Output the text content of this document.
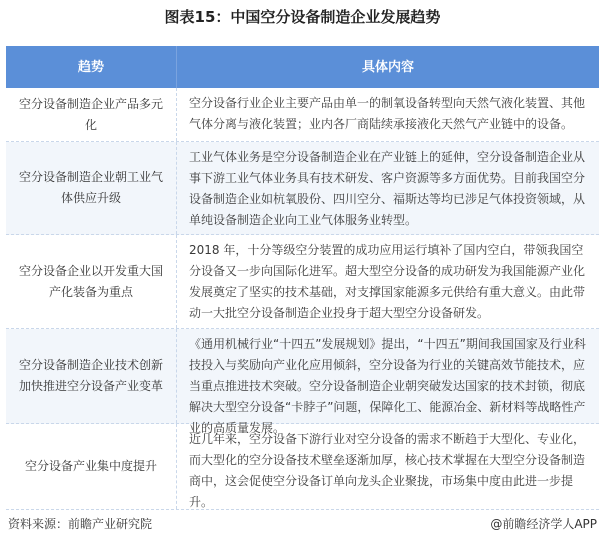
图表15：中国空分设备制造企业发展趋势
趋势	具体内容
空分设备制造企业产品多元化
空分设备行业企业主要产品由单一的制氧设备转型向天然气液化装置、其他气体分离与液化装置；业内各厂商陆续承接液化天然气产业链中的设备。
空分设备制造企业朝工业气体供应升级
工业气体业务是空分设备制造企业在产业链上的延伸，空分设备制造企业从事下游工业气体业务具有技术研发、客户资源等多方面优势。目前我国空分设备制造企业如杭氧股份、四川空分、福斯达等均已涉足气体投资领域，从单纯设备制造企业向工业气体服务业转型。
空分设备企业以开发重大国产化装备为重点
2018 年，十分等级空分装置的成功应用运行填补了国内空白，带领我国空分设备又一步向国际化进军。超大型空分设备的成功研发为我国能源产业化发展奠定了坚实的技术基础，对支撑国家能源多元供给有重大意义。由此带动一大批空分设备制造企业投身于超大型空分设备研发。
空分设备制造企业技术创新加快推进空分设备产业变革
《通用机械行业“十四五”发展规划》提出，“十四五”期间我国国家及行业科技投入与奖励向产业化应用倾斜，空分设备为行业的关键高效节能技术，应当重点推进技术突破。空分设备制造企业朝突破发达国家的技术封锁，彻底解决大型空分设备“卡脖子”问题，保障化工、能源冶金、新材料等战略性产业的高质量发展。
空分设备产业集中度提升
近几年来，空分设备下游行业对空分设备的需求不断趋于大型化、专业化，而大型化的空分设备技术壁垒逐渐加厚，核心技术掌握在大型空分设备制造商中，这会促使空分设备订单向龙头企业聚拢，市场集中度由此进一步提升。
资料来源：前瞻产业研究院	@前瞻经济学人APP
